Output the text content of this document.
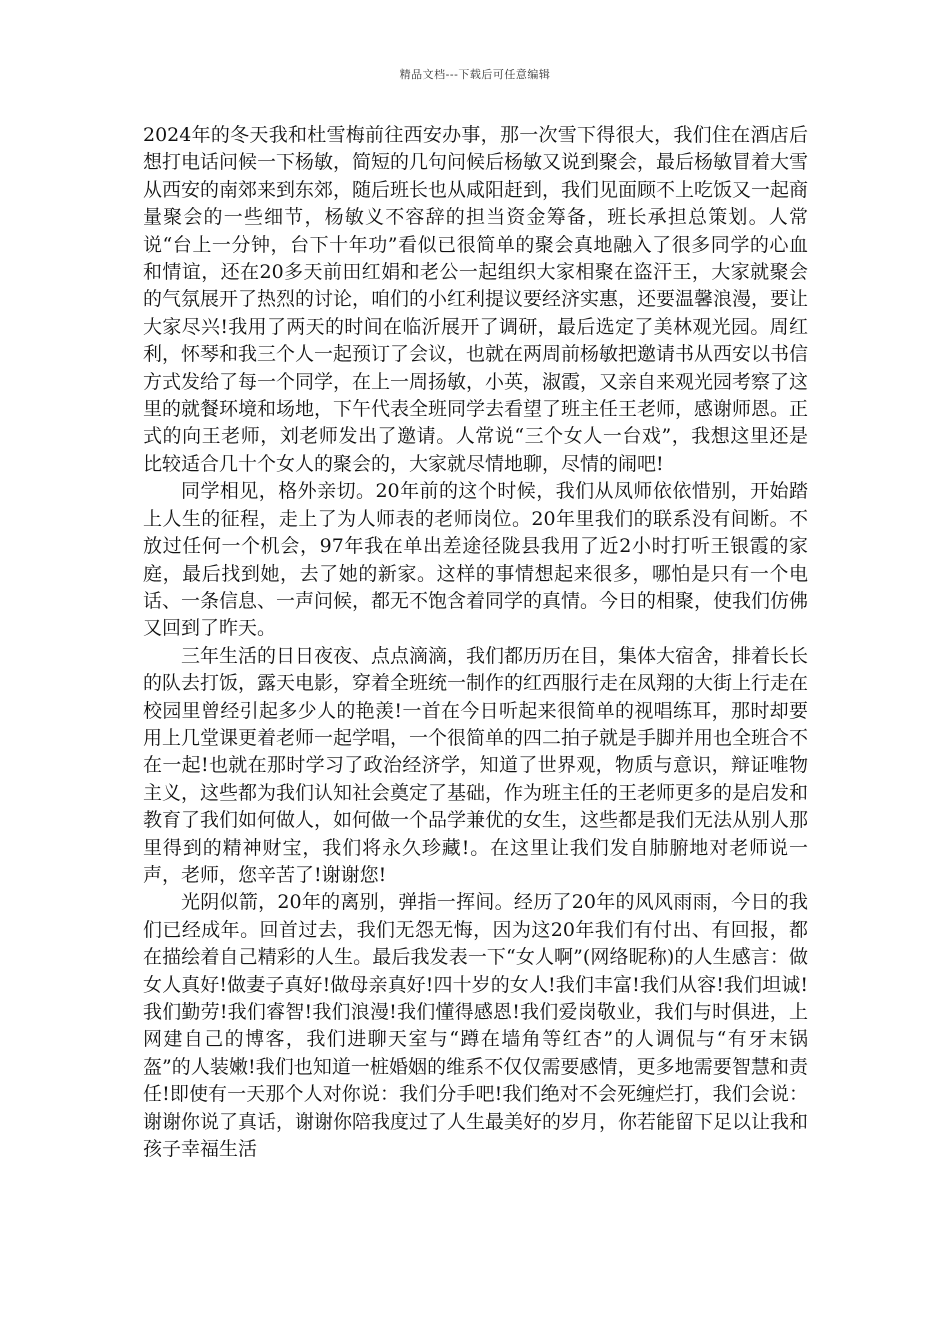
精品文档---下载后可任意编辑

2024年的冬天我和杜雪梅前往西安办事，那一次雪下得很大，我们住在酒店后想打电话问候一下杨敏，简短的几句问候后杨敏又说到聚会，最后杨敏冒着大雪从西安的南郊来到东郊，随后班长也从咸阳赶到，我们见面顾不上吃饭又一起商量聚会的一些细节，杨敏义不容辞的担当资金筹备，班长承担总策划。人常说“台上一分钟，台下十年功”看似已很简单的聚会真地融入了很多同学的心血和情谊，还在20多天前田红娟和老公一起组织大家相聚在盗汗王，大家就聚会的气氛展开了热烈的讨论，咱们的小红利提议要经济实惠，还要温馨浪漫，要让大家尽兴!我用了两天的时间在临沂展开了调研，最后选定了美林观光园。周红利，怀琴和我三个人一起预订了会议，也就在两周前杨敏把邀请书从西安以书信方式发给了每一个同学，在上一周扬敏，小英，淑霞，又亲自来观光园考察了这里的就餐环境和场地，下午代表全班同学去看望了班主任王老师，感谢师恩。正式的向王老师，刘老师发出了邀请。人常说“三个女人一台戏”，我想这里还是比较适合几十个女人的聚会的，大家就尽情地聊，尽情的闹吧!

同学相见，格外亲切。20年前的这个时候，我们从凤师依依惜别，开始踏上人生的征程，走上了为人师表的老师岗位。20年里我们的联系没有间断。不放过任何一个机会，97年我在单出差途径陇县我用了近2小时打听王银霞的家庭，最后找到她，去了她的新家。这样的事情想起来很多，哪怕是只有一个电话、一条信息、一声问候，都无不饱含着同学的真情。今日的相聚，使我们仿佛又回到了昨天。

三年生活的日日夜夜、点点滴滴，我们都历历在目，集体大宿舍，排着长长的队去打饭，露天电影，穿着全班统一制作的红西服行走在凤翔的大街上行走在校园里曾经引起多少人的艳羡!一首在今日听起来很简单的视唱练耳，那时却要用上几堂课更着老师一起学唱，一个很简单的四二拍子就是手脚并用也全班合不在一起!也就在那时学习了政治经济学，知道了世界观，物质与意识，辩证唯物主义，这些都为我们认知社会奠定了基础，作为班主任的王老师更多的是启发和教育了我们如何做人，如何做一个品学兼优的女生，这些都是我们无法从别人那里得到的精神财宝，我们将永久珍藏!。在这里让我们发自肺腑地对老师说一声，老师，您辛苦了!谢谢您!

光阴似箭，20年的离别，弹指一挥间。经历了20年的风风雨雨，今日的我们已经成年。回首过去，我们无怨无悔，因为这20年我们有付出、有回报，都在描绘着自己精彩的人生。最后我发表一下“女人啊”(网络昵称)的人生感言：做女人真好!做妻子真好!做母亲真好!四十岁的女人!我们丰富!我们从容!我们坦诚!我们勤劳!我们睿智!我们浪漫!我们懂得感恩!我们爱岗敬业，我们与时俱进，上网建自己的博客，我们进聊天室与“蹲在墙角等红杏”的人调侃与“有牙末锅盔”的人装嫩!我们也知道一桩婚姻的维系不仅仅需要感情，更多地需要智慧和责任!即使有一天那个人对你说：我们分手吧!我们绝对不会死缠烂打，我们会说：谢谢你说了真话，谢谢你陪我度过了人生最美好的岁月，你若能留下足以让我和孩子幸福生活
